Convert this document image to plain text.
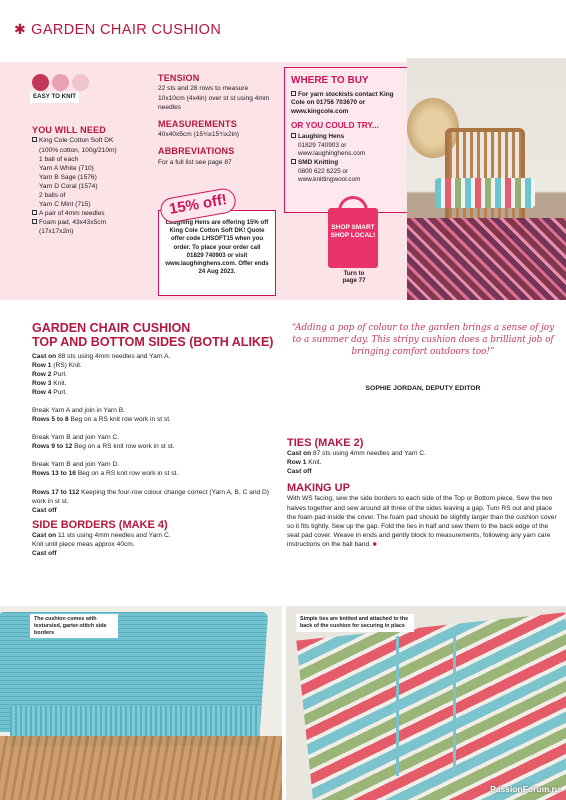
✱ GARDEN CHAIR CUSHION
EASY TO KNIT
YOU WILL NEED

King Cole Cotton Soft DK

(100% cotton, 100g/210m)

1 ball of each

Yarn A White (710)

Yarn B Sage (1576)

Yarn D Coral (1574)

2 balls of

Yarn C Mint (715)

A pair of 4mm needles

Foam pad, 43x43x5cm

(17x17x2in)

TENSION

22 sts and 28 rows to measure 10x10cm (4x4in) over st st using 4mm needles

MEASUREMENTS

40x40x5cm (15¾x15¾x2in)

ABBREVIATIONS

For a full list see page 87

Laughing Hens are offering 15% off King Cole Cotton Soft DK! Quote offer code LHSOFT15 when you order. To place your order call 01829 740903 or visit www.laughinghens.com. Offer ends 24 Aug 2023.
15% off!
WHERE TO BUY

For yarn stockists contact King Cole on 01756 703670 or www.kingcole.com

OR YOU COULD TRY...

Laughing Hens

01829 740903 or

www.laughinghens.com

SMD Knitting

0800 622 6225 or

www.knittingwool.com

SHOP SMART SHOP LOCAL!
Turn to page 77
GARDEN CHAIR CUSHION
TOP AND BOTTOM SIDES (BOTH ALIKE)

Cast on 88 sts using 4mm needles and Yarn A.

Row 1 (RS) Knit.

Row 2 Purl.

Row 3 Knit.

Row 4 Purl.

Break Yarn A and join in Yarn B.

Rows 5 to 8 Beg on a RS knit row work in st st.

Break Yarn B and join Yarn C.

Rows 9 to 12 Beg on a RS knit row work in st st.

Break Yarn B and join Yarn D.

Rows 13 to 16 Beg on a RS knit row work in st st.

Rows 17 to 112 Keeping the four-row colour change correct (Yarn A, B, C and D) work in st st.

Cast off

SIDE BORDERS (MAKE 4)

Cast on 11 sts using 4mm needles and Yarn C.

Knit until piece meas approx 40cm.

Cast off

“Adding a pop of colour to the garden brings a sense of joy to a summer day. This stripy cushion does a brilliant job of bringing comfort outdoors too!”
SOPHIE JORDAN, DEPUTY EDITOR
TIES (MAKE 2)

Cast on 87 sts using 4mm needles and Yarn C.

Row 1 Knit.

Cast off

MAKING UP

With WS facing, sew the side borders to each side of the Top or Bottom piece. Sew the two halves together and sew around all three of the sides leaving a gap. Turn RS out and place the foam pad inside the cover. The foam pad should be slightly larger than the cushion cover so it fits tightly. Sew up the gap. Fold the ties in half and sew them to the back edge of the seat pad cover. Weave in ends and gently block to measurements, following any yarn care instructions on the ball band. ■

The cushion comes with textursied, garter-stitch side borders
Simple ties are knitted and attached to the back of the cushion for securing in place
PassionForum.ru
